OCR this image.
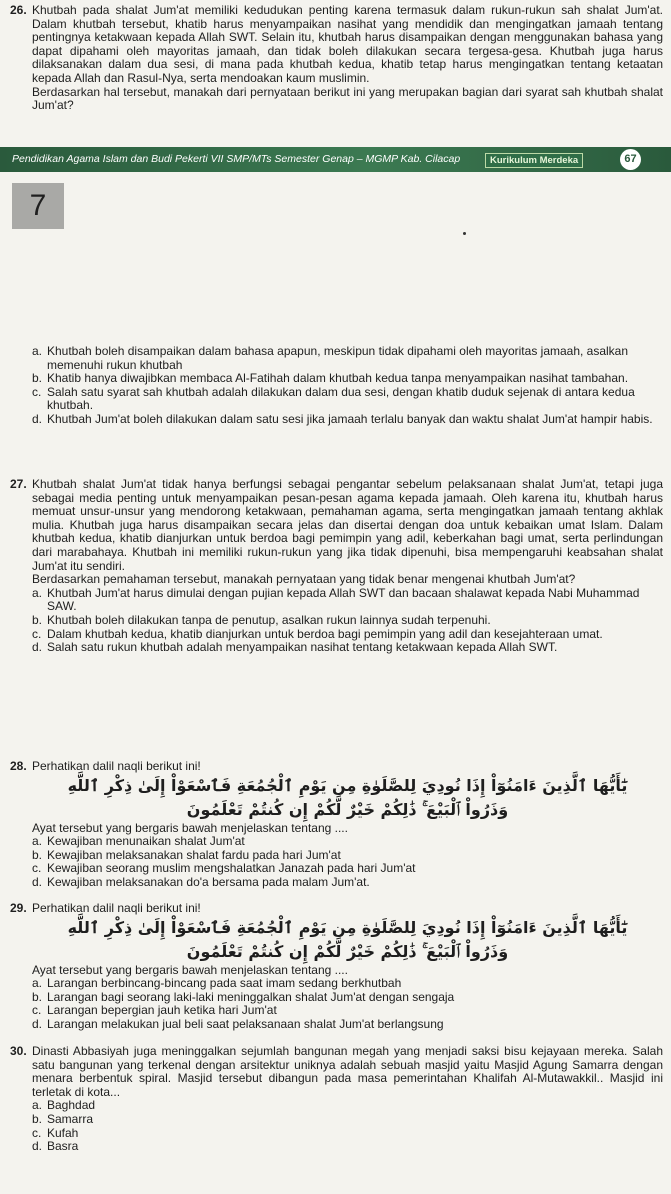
26. Khutbah pada shalat Jum'at memiliki kedudukan penting karena termasuk dalam rukun-rukun sah shalat Jum'at. Dalam khutbah tersebut, khatib harus menyampaikan nasihat yang mendidik dan mengingatkan jamaah tentang pentingnya ketakwaan kepada Allah SWT. Selain itu, khutbah harus disampaikan dengan menggunakan bahasa yang dapat dipahami oleh mayoritas jamaah, dan tidak boleh dilakukan secara tergesa-gesa. Khutbah juga harus dilaksanakan dalam dua sesi, di mana pada khutbah kedua, khatib tetap harus mengingatkan tentang ketaatan kepada Allah dan Rasul-Nya, serta mendoakan kaum muslimin.
Berdasarkan hal tersebut, manakah dari pernyataan berikut ini yang merupakan bagian dari syarat sah khutbah shalat Jum'at?
Pendidikan Agama Islam dan Budi Pekerti VII SMP/MTs Semester Genap – MGMP Kab. Cilacap	Kurikulum Merdeka	67
7
a. Khutbah boleh disampaikan dalam bahasa apapun, meskipun tidak dipahami oleh mayoritas jamaah, asalkan memenuhi rukun khutbah
b. Khatib hanya diwajibkan membaca Al-Fatihah dalam khutbah kedua tanpa menyampaikan nasihat tambahan.
c. Salah satu syarat sah khutbah adalah dilakukan dalam dua sesi, dengan khatib duduk sejenak di antara kedua khutbah.
d. Khutbah Jum'at boleh dilakukan dalam satu sesi jika jamaah terlalu banyak dan waktu shalat Jum'at hampir habis.
27. Khutbah shalat Jum'at tidak hanya berfungsi sebagai pengantar sebelum pelaksanaan shalat Jum'at, tetapi juga sebagai media penting untuk menyampaikan pesan-pesan agama kepada jamaah. Oleh karena itu, khutbah harus memuat unsur-unsur yang mendorong ketakwaan, pemahaman agama, serta mengingatkan jamaah tentang akhlak mulia. Khutbah juga harus disampaikan secara jelas dan disertai dengan doa untuk kebaikan umat Islam. Dalam khutbah kedua, khatib dianjurkan untuk berdoa bagi pemimpin yang adil, keberkahan bagi umat, serta perlindungan dari marabahaya. Khutbah ini memiliki rukun-rukun yang jika tidak dipenuhi, bisa mempengaruhi keabsahan shalat Jum'at itu sendiri.
Berdasarkan pemahaman tersebut, manakah pernyataan yang tidak benar mengenai khutbah Jum'at?
a. Khutbah Jum'at harus dimulai dengan pujian kepada Allah SWT dan bacaan shalawat kepada Nabi Muhammad SAW.
b. Khutbah boleh dilakukan tanpa de penutup, asalkan rukun lainnya sudah terpenuhi.
c. Dalam khutbah kedua, khatib dianjurkan untuk berdoa bagi pemimpin yang adil dan kesejahteraan umat.
d. Salah satu rukun khutbah adalah menyampaikan nasihat tentang ketakwaan kepada Allah SWT.
28. Perhatikan dalil naqli berikut ini!
يَٰٓأَيُّهَا ٱلَّذِينَ ءَامَنُوٓاْ إِذَا نُودِيَ لِلصَّلَوٰةِ مِن يَوْمِ ٱلْجُمُعَةِ فَٱسْعَوْاْ إِلَىٰ ذِكْرِ ٱللَّهِ
وَذَرُواْ ٱلْبَيْعَ ۚ ذَٰلِكُمْ خَيْرٌ لَّكُمْ إِن كُنتُمْ تَعْلَمُونَ
Ayat tersebut yang bergaris bawah menjelaskan tentang ....
a. Kewajiban menunaikan shalat Jum'at
b. Kewajiban melaksanakan shalat fardu pada hari Jum'at
c. Kewajiban seorang muslim mengshalatkan Janazah pada hari Jum'at
d. Kewajiban melaksanakan do'a bersama pada malam Jum'at.
29. Perhatikan dalil naqli berikut ini!
يَٰٓأَيُّهَا ٱلَّذِينَ ءَامَنُوٓاْ إِذَا نُودِيَ لِلصَّلَوٰةِ مِن يَوْمِ ٱلْجُمُعَةِ فَٱسْعَوْاْ إِلَىٰ ذِكْرِ ٱللَّهِ
وَذَرُواْ ٱلْبَيْعَ ۚ ذَٰلِكُمْ خَيْرٌ لَّكُمْ إِن كُنتُمْ تَعْلَمُونَ
Ayat tersebut yang bergaris bawah menjelaskan tentang ....
a. Larangan berbincang-bincang pada saat imam sedang berkhutbah
b. Larangan bagi seorang laki-laki meninggalkan shalat Jum'at dengan sengaja
c. Larangan bepergian jauh ketika hari Jum'at
d. Larangan melakukan jual beli saat pelaksanaan shalat Jum'at berlangsung
30. Dinasti Abbasiyah juga meninggalkan sejumlah bangunan megah yang menjadi saksi bisu kejayaan mereka. Salah satu bangunan yang terkenal dengan arsitektur uniknya adalah sebuah masjid yaitu Masjid Agung Samarra dengan menara berbentuk spiral. Masjid tersebut dibangun pada masa pemerintahan Khalifah Al-Mutawakkil.. Masjid ini terletak di kota...
a. Baghdad
b. Samarra
c. Kufah
d. Basra
